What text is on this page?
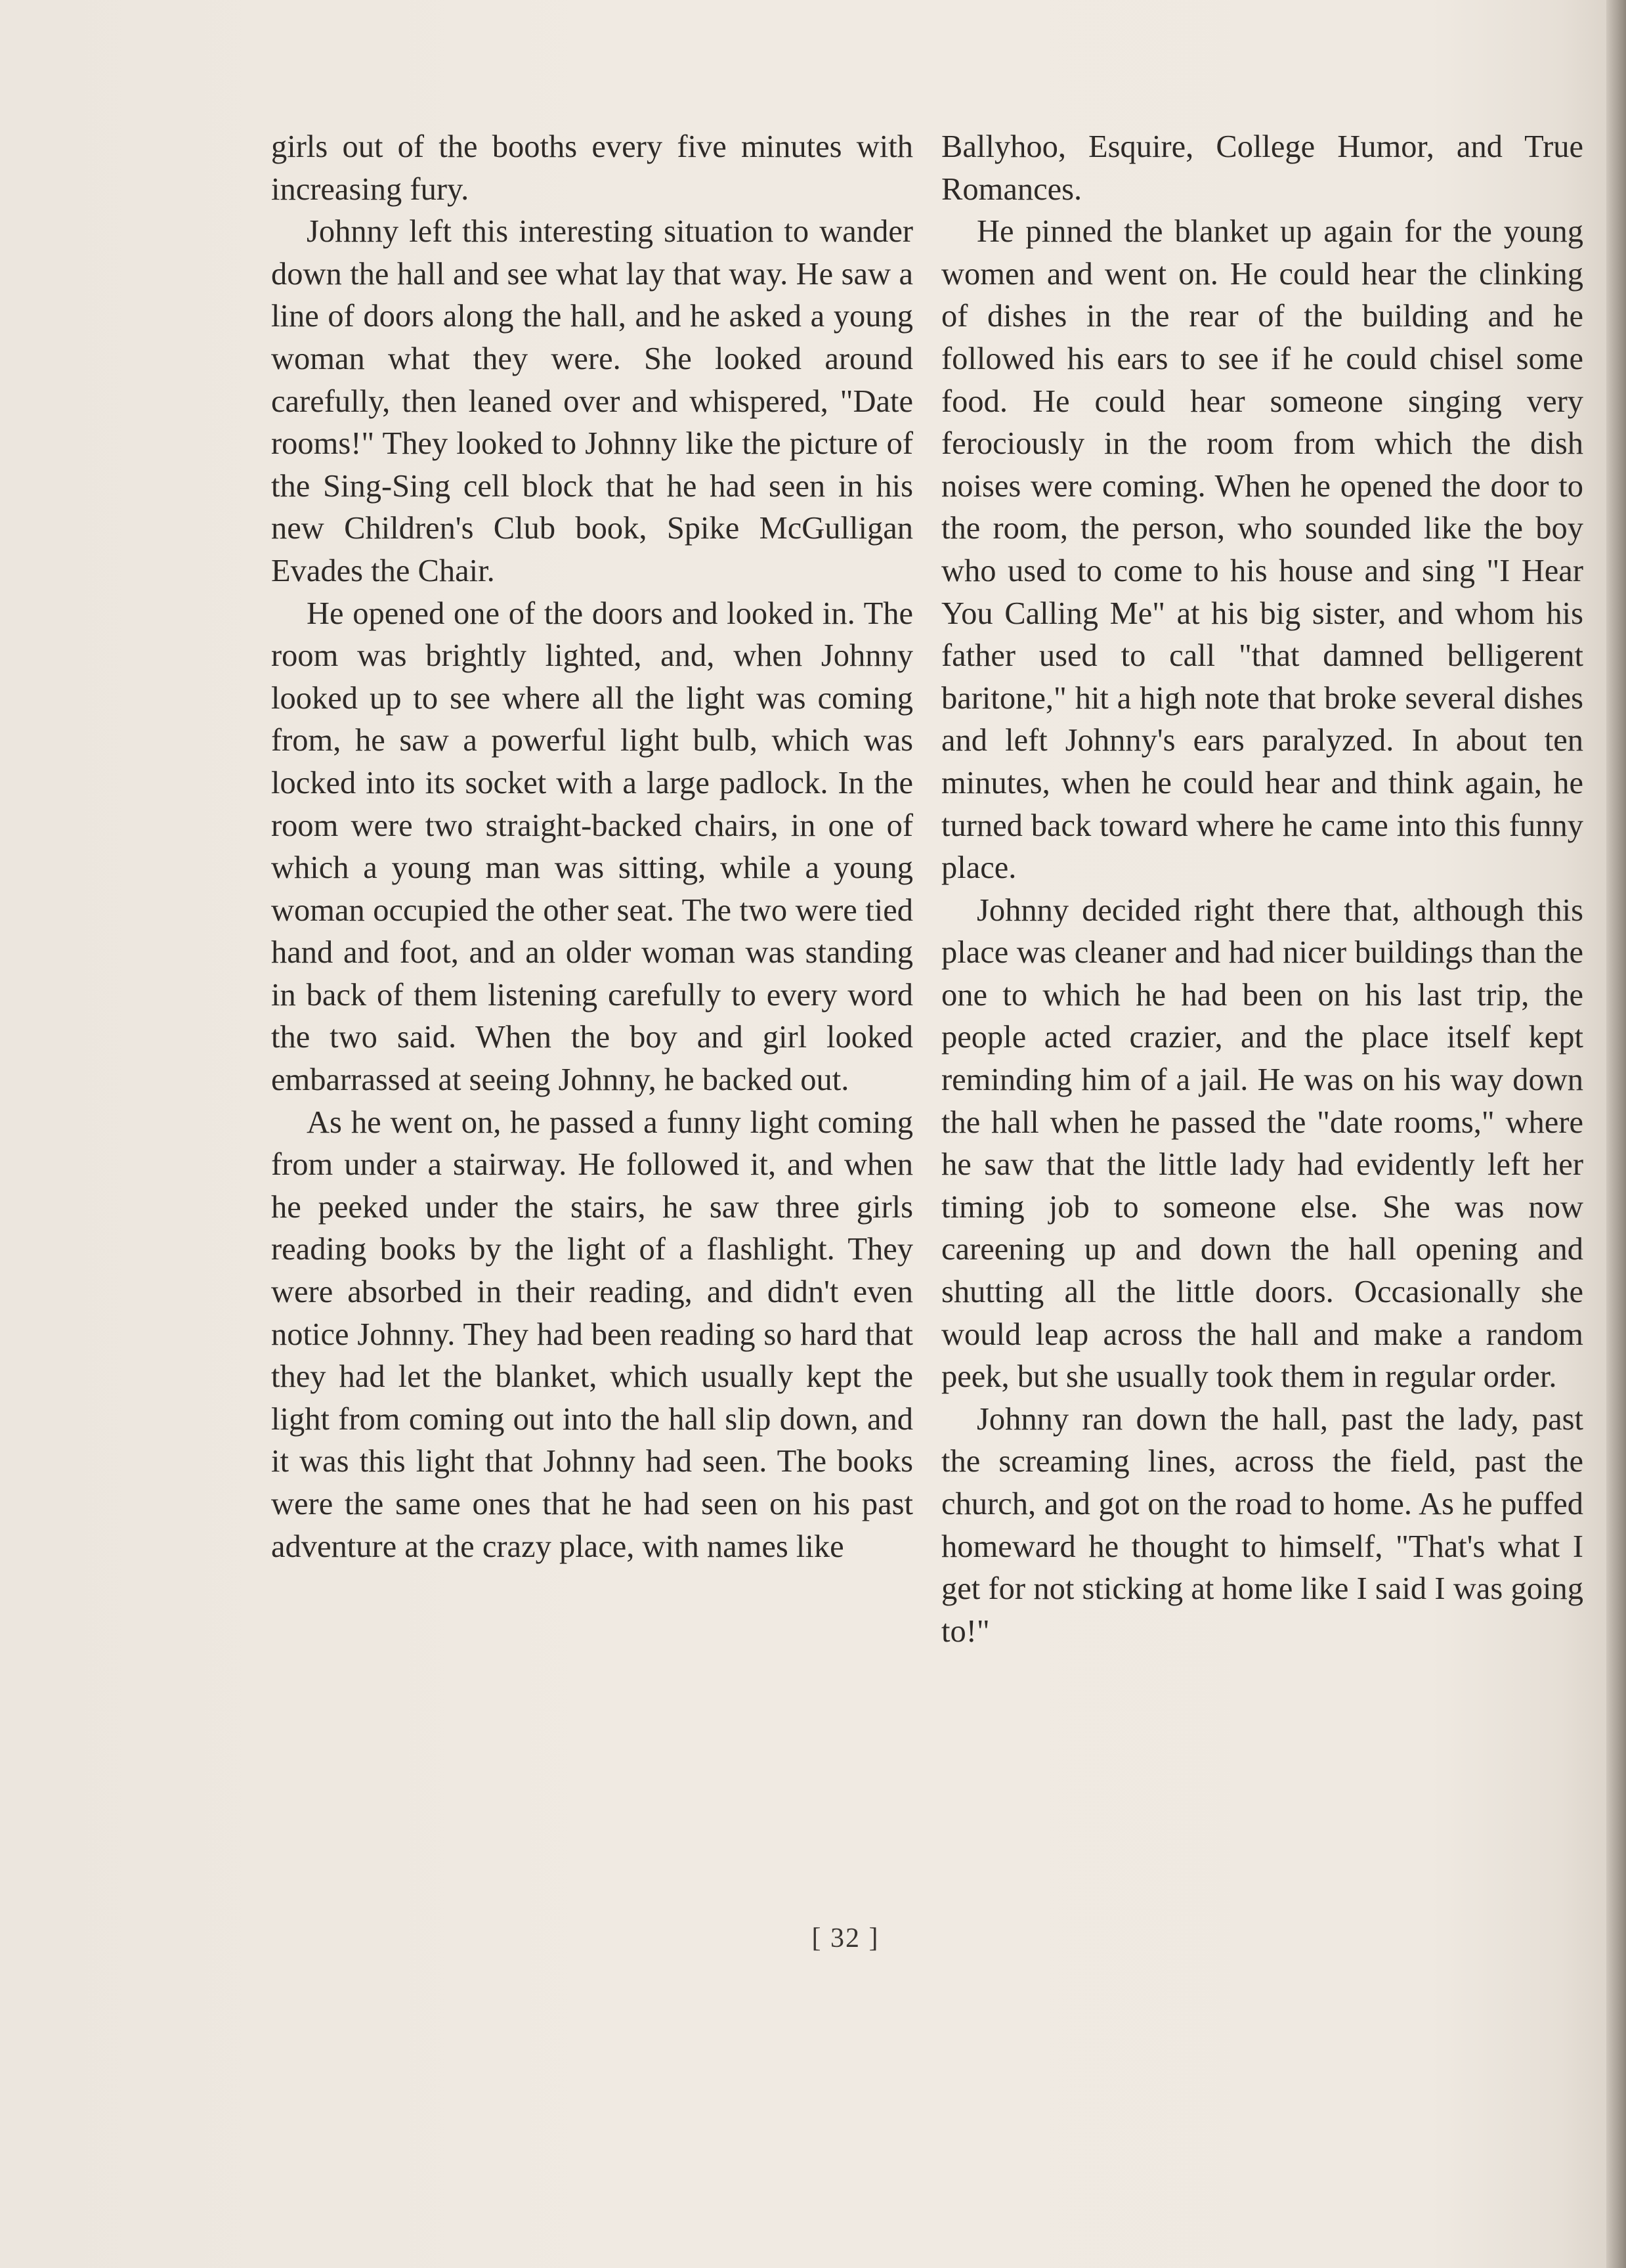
girls out of the booths every five minutes with increasing fury.

Johnny left this interesting situation to wander down the hall and see what lay that way. He saw a line of doors along the hall, and he asked a young woman what they were. She looked around carefully, then leaned over and whispered, "Date rooms!" They looked to Johnny like the picture of the Sing-Sing cell block that he had seen in his new Children's Club book, Spike McGulligan Evades the Chair.

He opened one of the doors and looked in. The room was brightly lighted, and, when Johnny looked up to see where all the light was coming from, he saw a powerful light bulb, which was locked into its socket with a large padlock. In the room were two straight-backed chairs, in one of which a young man was sitting, while a young woman occupied the other seat. The two were tied hand and foot, and an older woman was standing in back of them listening carefully to every word the two said. When the boy and girl looked embarrassed at seeing Johnny, he backed out.

As he went on, he passed a funny light coming from under a stairway. He followed it, and when he peeked under the stairs, he saw three girls reading books by the light of a flashlight. They were absorbed in their reading, and didn't even notice Johnny. They had been reading so hard that they had let the blanket, which usually kept the light from coming out into the hall slip down, and it was this light that Johnny had seen. The books were the same ones that he had seen on his past adventure at the crazy place, with names like

Ballyhoo, Esquire, College Humor, and True Romances.

He pinned the blanket up again for the young women and went on. He could hear the clinking of dishes in the rear of the building and he followed his ears to see if he could chisel some food. He could hear someone singing very ferociously in the room from which the dish noises were coming. When he opened the door to the room, the person, who sounded like the boy who used to come to his house and sing "I Hear You Calling Me" at his big sister, and whom his father used to call "that damned belligerent baritone," hit a high note that broke several dishes and left Johnny's ears paralyzed. In about ten minutes, when he could hear and think again, he turned back toward where he came into this funny place.

Johnny decided right there that, although this place was cleaner and had nicer buildings than the one to which he had been on his last trip, the people acted crazier, and the place itself kept reminding him of a jail. He was on his way down the hall when he passed the "date rooms," where he saw that the little lady had evidently left her timing job to someone else. She was now careening up and down the hall opening and shutting all the little doors. Occasionally she would leap across the hall and make a random peek, but she usually took them in regular order.

Johnny ran down the hall, past the lady, past the screaming lines, across the field, past the church, and got on the road to home. As he puffed homeward he thought to himself, "That's what I get for not sticking at home like I said I was going to!"

[ 32 ]
